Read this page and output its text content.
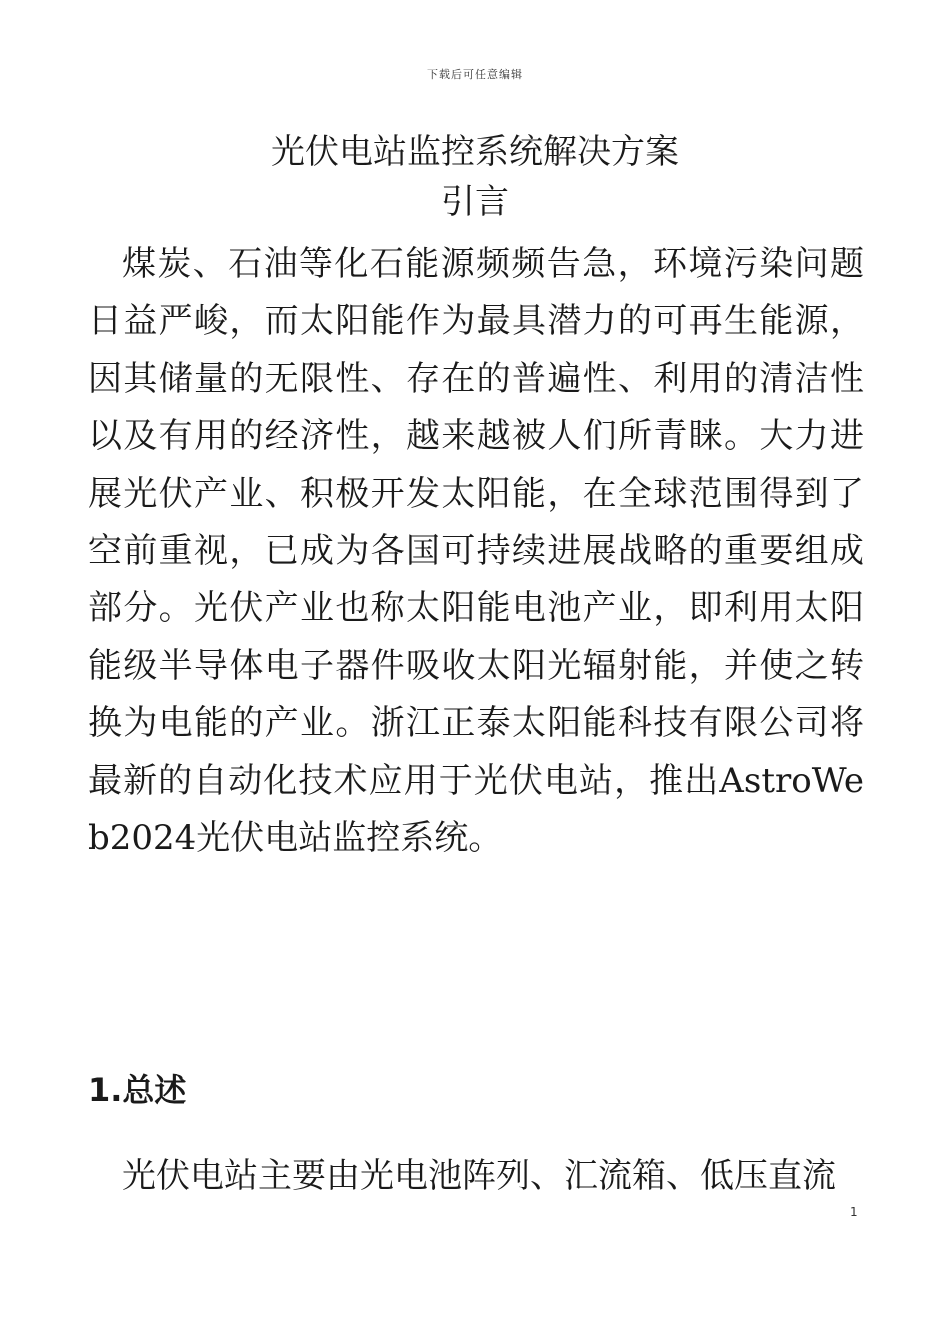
下载后可任意编辑
光伏电站监控系统解决方案
引言

煤炭、石油等化石能源频频告急，环境污染问题日益严峻，而太阳能作为最具潜力的可再生能源，因其储量的无限性、存在的普遍性、利用的清洁性以及有用的经济性，越来越被人们所青睐。大力进展光伏产业、积极开发太阳能，在全球范围得到了空前重视，已成为各国可持续进展战略的重要组成部分。光伏产业也称太阳能电池产业，即利用太阳能级半导体电子器件吸收太阳光辐射能，并使之转换为电能的产业。浙江正泰太阳能科技有限公司将最新的自动化技术应用于光伏电站，推出AstroWeb2024光伏电站监控系统。

1.总述

光伏电站主要由光电池阵列、汇流箱、低压直流

1
